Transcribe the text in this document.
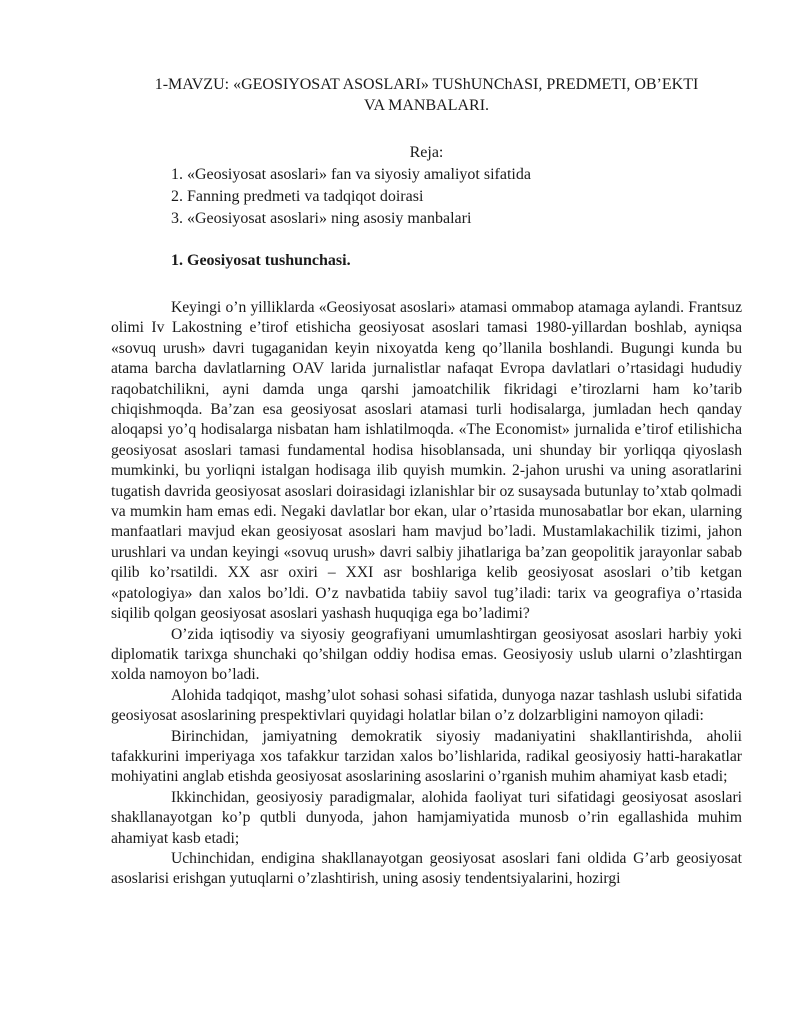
1-MAVZU: «GEOSIYOSAT ASOSLARI» TUShUNChASI, PREDMETI, OB’EKTI
VA MANBALARI.
Reja:
1. «Geosiyosat asoslari» fan va siyosiy amaliyot sifatida
2. Fanning predmeti va tadqiqot doirasi
3. «Geosiyosat asoslari» ning asosiy manbalari
1. Geosiyosat tushunchasi.

Keyingi o’n yilliklarda «Geosiyosat asoslari» atamasi ommabop atamaga aylandi. Frantsuz olimi Iv Lakostning e’tirof etishicha geosiyosat asoslari tamasi 1980-yillardan boshlab, ayniqsa «sovuq urush» davri tugaganidan keyin nixoyatda keng qo’llanila boshlandi. Bugungi kunda bu atama barcha davlatlarning OAV larida jurnalistlar nafaqat Evropa davlatlari o’rtasidagi hududiy raqobatchilikni, ayni damda unga qarshi jamoatchilik fikridagi e’tirozlarni ham ko’tarib chiqishmoqda. Ba’zan esa geosiyosat asoslari atamasi turli hodisalarga, jumladan hech qanday aloqapsi yo’q hodisalarga nisbatan ham ishlatilmoqda. «The Economist» jurnalida e’tirof etilishicha geosiyosat asoslari tamasi fundamental hodisa hisoblansada, uni shunday bir yorliqqa qiyoslash mumkinki, bu yorliqni istalgan hodisaga ilib quyish mumkin. 2-jahon urushi va uning asoratlarini tugatish davrida geosiyosat asoslari doirasidagi izlanishlar bir oz susaysada butunlay to’xtab qolmadi va mumkin ham emas edi. Negaki davlatlar bor ekan, ular o’rtasida munosabatlar bor ekan, ularning manfaatlari mavjud ekan geosiyosat asoslari ham mavjud bo’ladi. Mustamlakachilik tizimi, jahon urushlari va undan keyingi «sovuq urush» davri salbiy jihatlariga ba’zan geopolitik jarayonlar sabab qilib ko’rsatildi. XX asr oxiri – XXI asr boshlariga kelib geosiyosat asoslari o’tib ketgan «patologiya» dan xalos bo’ldi. O’z navbatida tabiiy savol tug’iladi: tarix va geografiya o’rtasida siqilib qolgan geosiyosat asoslari yashash huquqiga ega bo’ladimi?

O’zida iqtisodiy va siyosiy geografiyani umumlashtirgan geosiyosat asoslari harbiy yoki diplomatik tarixga shunchaki qo’shilgan oddiy hodisa emas. Geosiyosiy uslub ularni o’zlashtirgan xolda namoyon bo’ladi.

Alohida tadqiqot, mashg’ulot sohasi sohasi sifatida, dunyoga nazar tashlash uslubi sifatida geosiyosat asoslarining prespektivlari quyidagi holatlar bilan o’z dolzarbligini namoyon qiladi:

Birinchidan, jamiyatning demokratik siyosiy madaniyatini shakllantirishda, aholii tafakkurini imperiyaga xos tafakkur tarzidan xalos bo’lishlarida, radikal geosiyosiy hatti-harakatlar mohiyatini anglab etishda geosiyosat asoslarining asoslarini o’rganish muhim ahamiyat kasb etadi;

Ikkinchidan, geosiyosiy paradigmalar, alohida faoliyat turi sifatidagi geosiyosat asoslari shakllanayotgan ko’p qutbli dunyoda, jahon hamjamiyatida munosb o’rin egallashida muhim ahamiyat kasb etadi;

Uchinchidan, endigina shakllanayotgan geosiyosat asoslari fani oldida G’arb geosiyosat asoslarisi erishgan yutuqlarni o’zlashtirish, uning asosiy tendentsiyalarini, hozirgi
